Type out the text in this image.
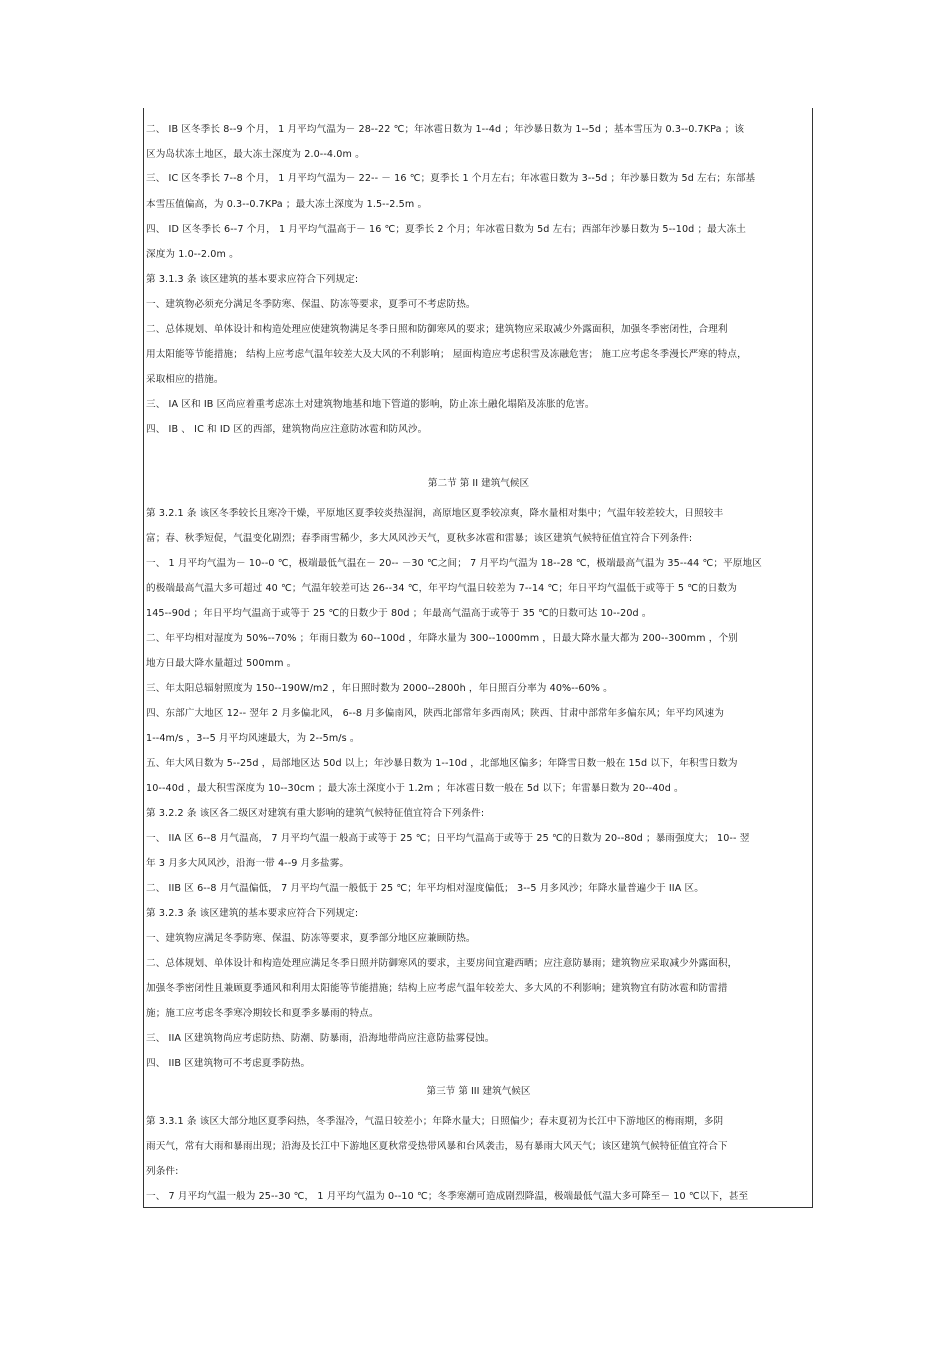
二、 IB 区冬季长 8--9 个月， 1 月平均气温为－ 28--22 ℃；年冰雹日数为 1--4d ；年沙暴日数为 1--5d ；基本雪压为 0.3--0.7KPa ；该
区为岛状冻土地区，最大冻土深度为 2.0--4.0m 。
三、 IC 区冬季长 7--8 个月， 1 月平均气温为－ 22-- － 16 ℃；夏季长 1 个月左右；年冰雹日数为 3--5d ；年沙暴日数为 5d 左右；东部基
本雪压值偏高，为 0.3--0.7KPa ；最大冻土深度为 1.5--2.5m 。
四、 ID 区冬季长 6--7 个月， 1 月平均气温高于－ 16 ℃；夏季长 2 个月；年冰雹日数为 5d 左右；西部年沙暴日数为 5--10d ；最大冻土
深度为 1.0--2.0m 。
第 3.1.3 条 该区建筑的基本要求应符合下列规定:
一、建筑物必须充分满足冬季防寒、保温、防冻等要求，夏季可不考虑防热。
二、总体规划、单体设计和构造处理应使建筑物满足冬季日照和防御寒风的要求；建筑物应采取减少外露面积，加强冬季密闭性，合理利
用太阳能等节能措施； 结构上应考虑气温年较差大及大风的不利影响； 屋面构造应考虑积雪及冻融危害； 施工应考虑冬季漫长严寒的特点，
采取相应的措施。
三、 IA 区和 IB 区尚应着重考虑冻土对建筑物地基和地下管道的影响，防止冻土融化塌陷及冻胀的危害。
四、 IB 、 IC 和 ID 区的西部，建筑物尚应注意防冰雹和防风沙。
第二节 第 II 建筑气候区
第 3.2.1 条 该区冬季较长且寒冷干燥，平原地区夏季较炎热湿润，高原地区夏季较凉爽，降水量相对集中；气温年较差较大，日照较丰
富；春、秋季短促，气温变化剧烈；春季雨雪稀少，多大风风沙天气，夏秋多冰雹和雷暴；该区建筑气候特征值宜符合下列条件:
一、 1 月平均气温为－ 10--0 ℃，极端最低气温在－ 20-- －30 ℃之间； 7 月平均气温为 18--28 ℃，极端最高气温为 35--44 ℃；平原地区
的极端最高气温大多可超过 40 ℃；气温年较差可达 26--34 ℃，年平均气温日较差为 7--14 ℃；年日平均气温低于或等于 5 ℃的日数为
145--90d ；年日平均气温高于或等于 25 ℃的日数少于 80d ；年最高气温高于或等于 35 ℃的日数可达 10--20d 。
二、年平均相对湿度为 50%--70% ；年雨日数为 60--100d ，年降水量为 300--1000mm ，日最大降水量大都为 200--300mm ，个别
地方日最大降水量超过 500mm 。
三、年太阳总辐射照度为 150--190W/m2 ，年日照时数为 2000--2800h ，年日照百分率为 40%--60% 。
四、东部广大地区 12-- 翌年 2 月多偏北风， 6--8 月多偏南风，陕西北部常年多西南风；陕西、甘肃中部常年多偏东风；年平均风速为
1--4m/s ，3--5 月平均风速最大，为 2--5m/s 。
五、年大风日数为 5--25d ，局部地区达 50d 以上；年沙暴日数为 1--10d ，北部地区偏多；年降雪日数一般在 15d 以下，年积雪日数为
10--40d ，最大积雪深度为 10--30cm ；最大冻土深度小于 1.2m ；年冰雹日数一般在 5d 以下；年雷暴日数为 20--40d 。
第 3.2.2 条 该区各二级区对建筑有重大影响的建筑气候特征值宜符合下列条件:
一、 IIA 区 6--8 月气温高， 7 月平均气温一般高于或等于 25 ℃；日平均气温高于或等于 25 ℃的日数为 20--80d ；暴雨强度大； 10-- 翌
年 3 月多大风风沙，沿海一带 4--9 月多盐雾。
二、 IIB 区 6--8 月气温偏低， 7 月平均气温一般低于 25 ℃；年平均相对湿度偏低； 3--5 月多风沙；年降水量普遍少于 IIA 区。
第 3.2.3 条 该区建筑的基本要求应符合下列规定:
一、建筑物应满足冬季防寒、保温、防冻等要求，夏季部分地区应兼顾防热。
二、总体规划、单体设计和构造处理应满足冬季日照并防御寒风的要求，主要房间宜避西晒；应注意防暴雨；建筑物应采取减少外露面积，
加强冬季密闭性且兼顾夏季通风和利用太阳能等节能措施；结构上应考虑气温年较差大、多大风的不利影响；建筑物宜有防冰雹和防雷措
施；施工应考虑冬季寒冷期较长和夏季多暴雨的特点。
三、 IIA 区建筑物尚应考虑防热、防潮、防暴雨，沿海地带尚应注意防盐雾侵蚀。
四、 IIB 区建筑物可不考虑夏季防热。
第三节 第 III 建筑气候区
第 3.3.1 条 该区大部分地区夏季闷热，冬季湿冷，气温日较差小；年降水量大；日照偏少；春末夏初为长江中下游地区的梅雨期，多阴
雨天气，常有大雨和暴雨出现；沿海及长江中下游地区夏秋常受热带风暴和台风袭击，易有暴雨大风天气；该区建筑气候特征值宜符合下
列条件:
一、 7 月平均气温一般为 25--30 ℃， 1 月平均气温为 0--10 ℃；冬季寒潮可造成剧烈降温，极端最低气温大多可降至－ 10 ℃以下，甚至
